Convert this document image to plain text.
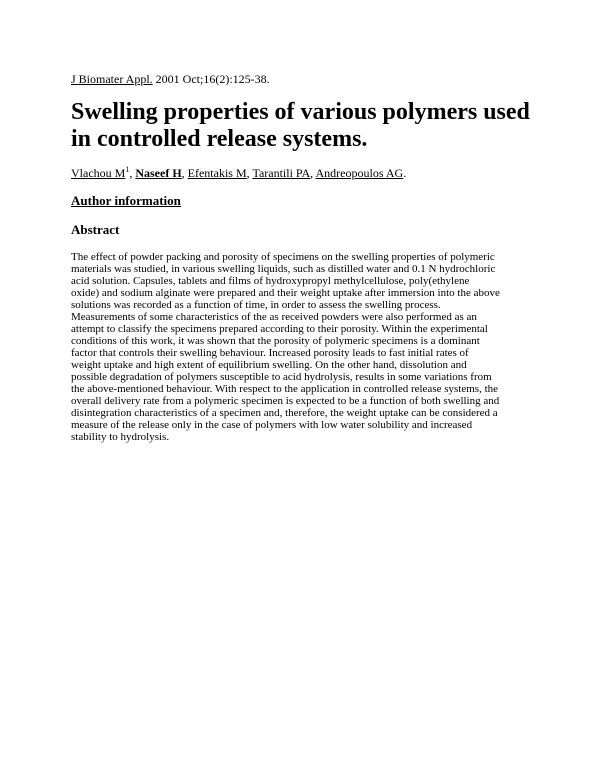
J Biomater Appl. 2001 Oct;16(2):125-38.
Swelling properties of various polymers used
in controlled release systems.
Vlachou $M^1$, Naseef H, Efentakis M, Tarantili PA, Andreopoulos AG.
Author information
Abstract

The effect of powder packing and porosity of specimens on the swelling properties of polymeric
materials was studied, in various swelling liquids, such as distilled water and 0.1 N hydrochloric
acid solution. Capsules, tablets and films of hydroxypropyl methylcellulose, poly(ethylene
oxide) and sodium alginate were prepared and their weight uptake after immersion into the above
solutions was recorded as a function of time, in order to assess the swelling process.
Measurements of some characteristics of the as received powders were also performed as an
attempt to classify the specimens prepared according to their porosity. Within the experimental
conditions of this work, it was shown that the porosity of polymeric specimens is a dominant
factor that controls their swelling behaviour. Increased porosity leads to fast initial rates of
weight uptake and high extent of equilibrium swelling. On the other hand, dissolution and
possible degradation of polymers susceptible to acid hydrolysis, results in some variations from
the above-mentioned behaviour. With respect to the application in controlled release systems, the
overall delivery rate from a polymeric specimen is expected to be a function of both swelling and
disintegration characteristics of a specimen and, therefore, the weight uptake can be considered a
measure of the release only in the case of polymers with low water solubility and increased
stability to hydrolysis.
